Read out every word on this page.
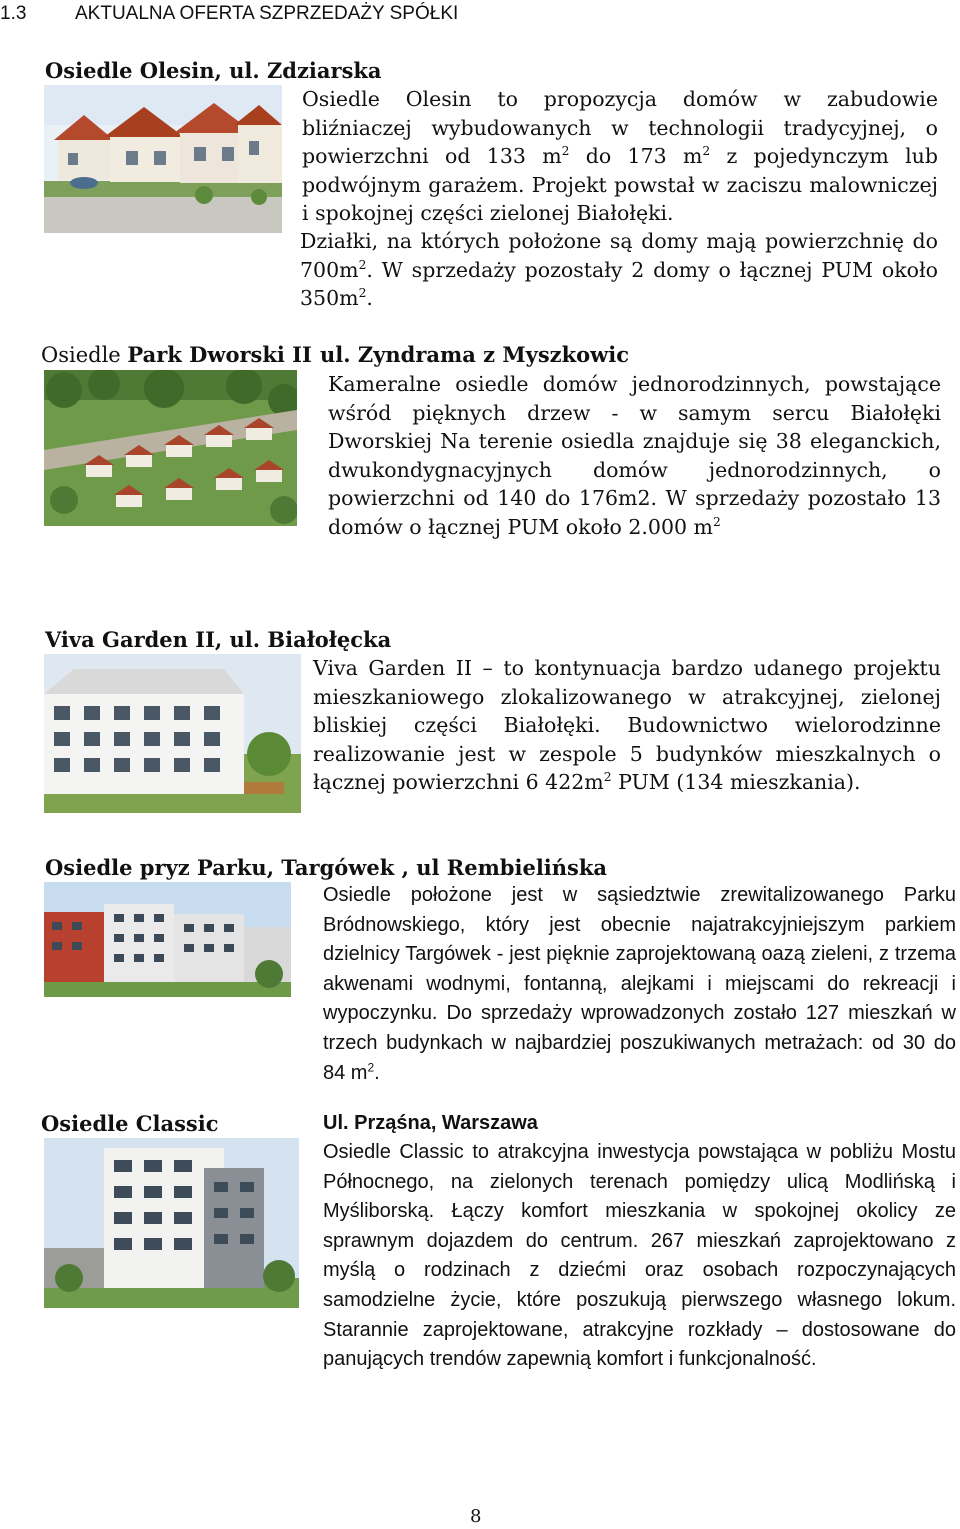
1.3	AKTUALNA OFERTA SZPRZEDAŻY SPÓŁKI
Osiedle Olesin, ul. Zdziarska
Osiedle Olesin to propozycja domów w zabudowie bliźniaczej wybudowanych w technologii tradycyjnej, o powierzchni od 133 $m^2$ do 173 $m^2$ z pojedynczym lub podwójnym garażem. Projekt powstał w zaciszu malowniczej i spokojnej części zielonej Białołęki.
Działki, na których położone są domy mają powierzchnię do $700m^2$. W sprzedaży pozostały 2 domy o łącznej PUM około $350m^2$.
Osiedle Park Dworski II ul. Zyndrama z Myszkowic
Kameralne osiedle domów jednorodzinnych, powstające wśród pięknych drzew - w samym sercu Białołęki Dworskiej Na terenie osiedla znajduje się 38 eleganckich, dwukondygnacyjnych domów jednorodzinnych, o powierzchni od 140 do 176m2. W sprzedaży pozostało 13 domów o łącznej PUM około 2.000 $m^2$
Viva Garden II, ul. Białołęcka
Viva Garden II – to kontynuacja bardzo udanego projektu mieszkaniowego zlokalizowanego w atrakcyjnej, zielonej bliskiej części Białołęki. Budownictwo wielorodzinne realizowanie jest w zespole 5 budynków mieszkalnych o łącznej powierzchni 6 $422m^2$ PUM (134 mieszkania).
Osiedle pryz Parku, Targówek , ul Rembielińska
Osiedle położone jest w sąsiedztwie zrewitalizowanego Parku Bródnowskiego, który jest obecnie najatrakcyjniejszym parkiem dzielnicy Targówek - jest pięknie zaprojektowaną oazą zieleni, z trzema akwenami wodnymi, fontanną, alejkami i miejscami do rekreacji i wypoczynku. Do sprzedaży wprowadzonych zostało 127 mieszkań w trzech budynkach w najbardziej poszukiwanych metrażach: od 30 do 84 $m^2$.
Osiedle Classic	Ul. Prząśna, Warszawa
Osiedle Classic to atrakcyjna inwestycja powstająca w pobliżu Mostu Północnego, na zielonych terenach pomiędzy ulicą Modlińską i Myśliborską. Łączy komfort mieszkania w spokojnej okolicy ze sprawnym dojazdem do centrum. 267 mieszkań zaprojektowano z myślą o rodzinach z dziećmi oraz osobach rozpoczynających samodzielne życie, które poszukują pierwszego własnego lokum. Starannie zaprojektowane, atrakcyjne rozkłady – dostosowane do panujących trendów zapewnią komfort i funkcjonalność.
8
